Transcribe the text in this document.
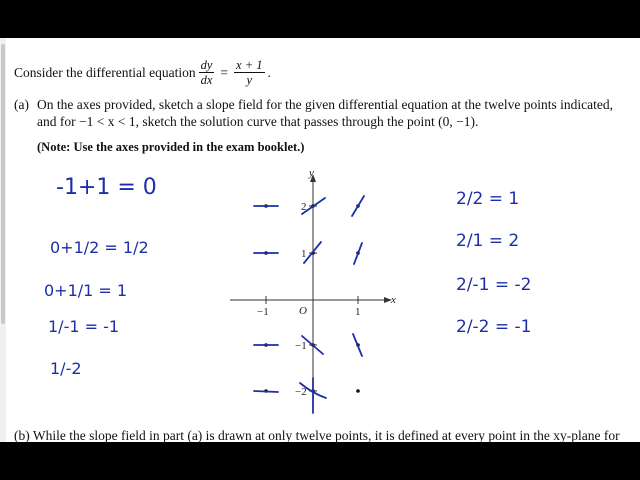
Consider the differential equation $\frac{dy}{dx} = \frac{x + 1}{y}$ .
(a) On the axes provided, sketch a slope field for the given differential equation at the twelve points indicated,
and for −1 < x < 1, sketch the solution curve that passes through the point (0, −1).
(Note: Use the axes provided in the exam booklet.)
x
y
O
−1	1
2
1
−1
−2
-1+1 = 0
0+1/2 = 1/2
0+1/1 = 1
1/-1 = -1
1/-2
2/2 = 1
2/1 = 2
2/-1 = -2
2/-2 = -1
(b) While the slope field in part (a) is drawn at only twelve points, it is defined at every point in the xy-plane for
